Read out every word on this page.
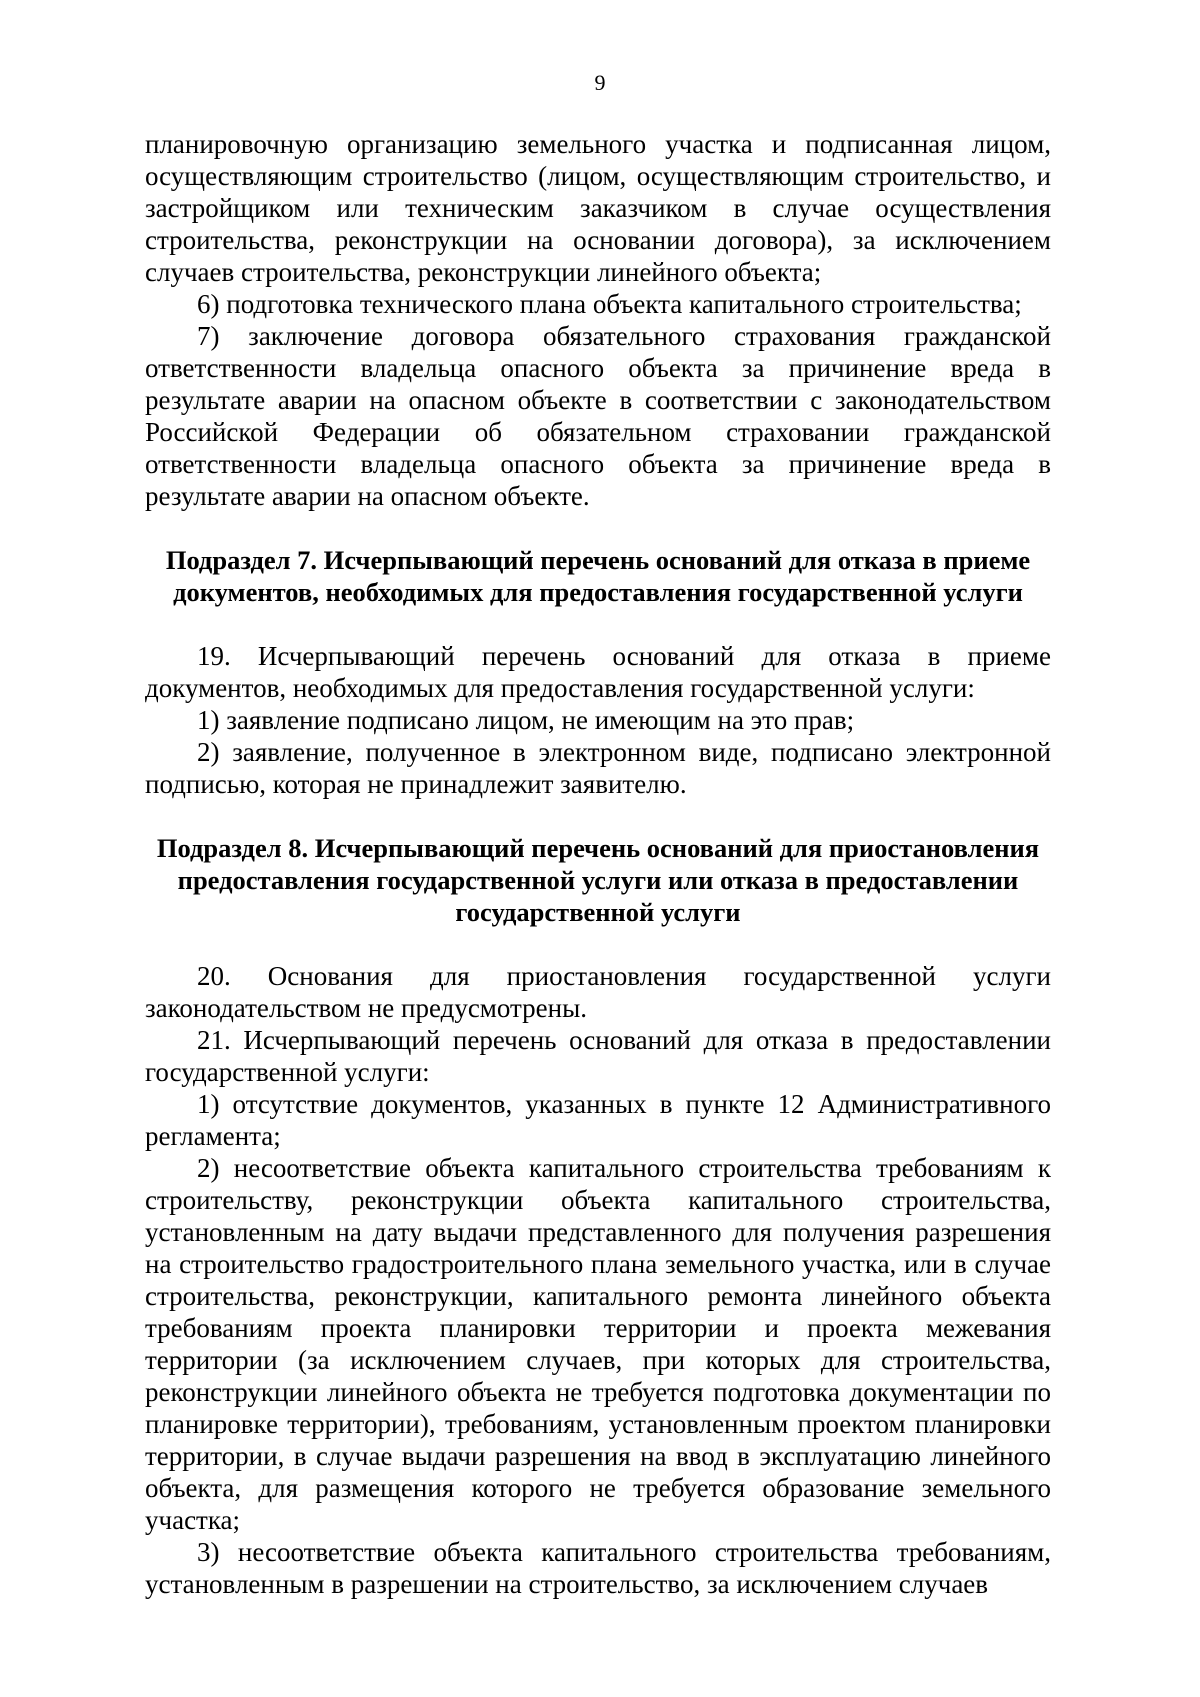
9

планировочную организацию земельного участка и подписанная лицом, осуществляющим строительство (лицом, осуществляющим строительство, и застройщиком или техническим заказчиком в случае осуществления строительства, реконструкции на основании договора), за исключением случаев строительства, реконструкции линейного объекта;

6) подготовка технического плана объекта капитального строительства;

7) заключение договора обязательного страхования гражданской ответственности владельца опасного объекта за причинение вреда в результате аварии на опасном объекте в соответствии с законодательством Российской Федерации об обязательном страховании гражданской ответственности владельца опасного объекта за причинение вреда в результате аварии на опасном объекте.

Подраздел 7. Исчерпывающий перечень оснований для отказа в приеме документов, необходимых для предоставления государственной услуги

19. Исчерпывающий перечень оснований для отказа в приеме документов, необходимых для предоставления государственной услуги:

1) заявление подписано лицом, не имеющим на это прав;

2) заявление, полученное в электронном виде, подписано электронной подписью, которая не принадлежит заявителю.

Подраздел 8. Исчерпывающий перечень оснований для приостановления предоставления государственной услуги или отказа в предоставлении государственной услуги

20. Основания для приостановления государственной услуги законодательством не предусмотрены.

21. Исчерпывающий перечень оснований для отказа в предоставлении государственной услуги:

1) отсутствие документов, указанных в пункте 12 Административного регламента;

2) несоответствие объекта капитального строительства требованиям к строительству, реконструкции объекта капитального строительства, установленным на дату выдачи представленного для получения разрешения на строительство градостроительного плана земельного участка, или в случае строительства, реконструкции, капитального ремонта линейного объекта требованиям проекта планировки территории и проекта межевания территории (за исключением случаев, при которых для строительства, реконструкции линейного объекта не требуется подготовка документации по планировке территории), требованиям, установленным проектом планировки территории, в случае выдачи разрешения на ввод в эксплуатацию линейного объекта, для размещения которого не требуется образование земельного участка;

3) несоответствие объекта капитального строительства требованиям, установленным в разрешении на строительство, за исключением случаев
